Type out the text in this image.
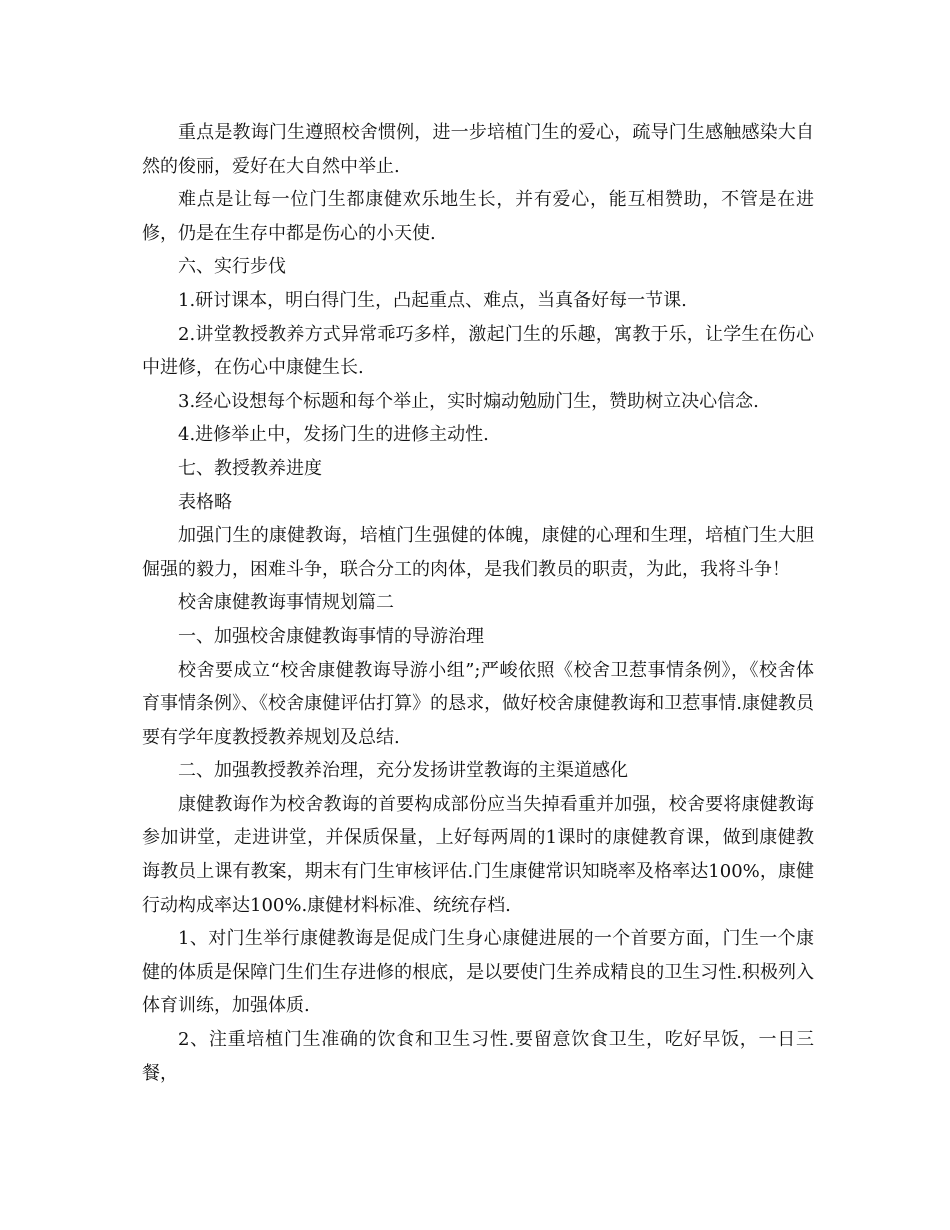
重点是教诲门生遵照校舍惯例，进一步培植门生的爱心，疏导门生感触感染大自然的俊丽，爱好在大自然中举止.

难点是让每一位门生都康健欢乐地生长，并有爱心，能互相赞助，不管是在进修，仍是在生存中都是伤心的小天使.

六、实行步伐

1.研讨课本，明白得门生，凸起重点、难点，当真备好每一节课.

2.讲堂教授教养方式异常乖巧多样，激起门生的乐趣，寓教于乐，让学生在伤心中进修，在伤心中康健生长.

3.经心设想每个标题和每个举止，实时煽动勉励门生，赞助树立决心信念.

4.进修举止中，发扬门生的进修主动性.

七、教授教养进度

表格略

加强门生的康健教诲，培植门生强健的体魄，康健的心理和生理，培植门生大胆倔强的毅力，困难斗争，联合分工的肉体，是我们教员的职责，为此，我将斗争！

校舍康健教诲事情规划篇二

一、加强校舍康健教诲事情的导游治理

校舍要成立“校舍康健教诲导游小组”;严峻依照《校舍卫惹事情条例》，《校舍体育事情条例》、《校舍康健评估打算》的恳求，做好校舍康健教诲和卫惹事情.康健教员要有学年度教授教养规划及总结.

二、加强教授教养治理，充分发扬讲堂教诲的主渠道感化

康健教诲作为校舍教诲的首要构成部份应当失掉看重并加强，校舍要将康健教诲参加讲堂，走进讲堂，并保质保量，上好每两周的1课时的康健教育课，做到康健教诲教员上课有教案，期末有门生审核评估.门生康健常识知晓率及格率达100%，康健行动构成率达100%.康健材料标准、统统存档.

1、对门生举行康健教诲是促成门生身心康健进展的一个首要方面，门生一个康健的体质是保障门生们生存进修的根底，是以要使门生养成精良的卫生习性.积极列入体育训练，加强体质.

2、注重培植门生准确的饮食和卫生习性.要留意饮食卫生，吃好早饭，一日三餐，
